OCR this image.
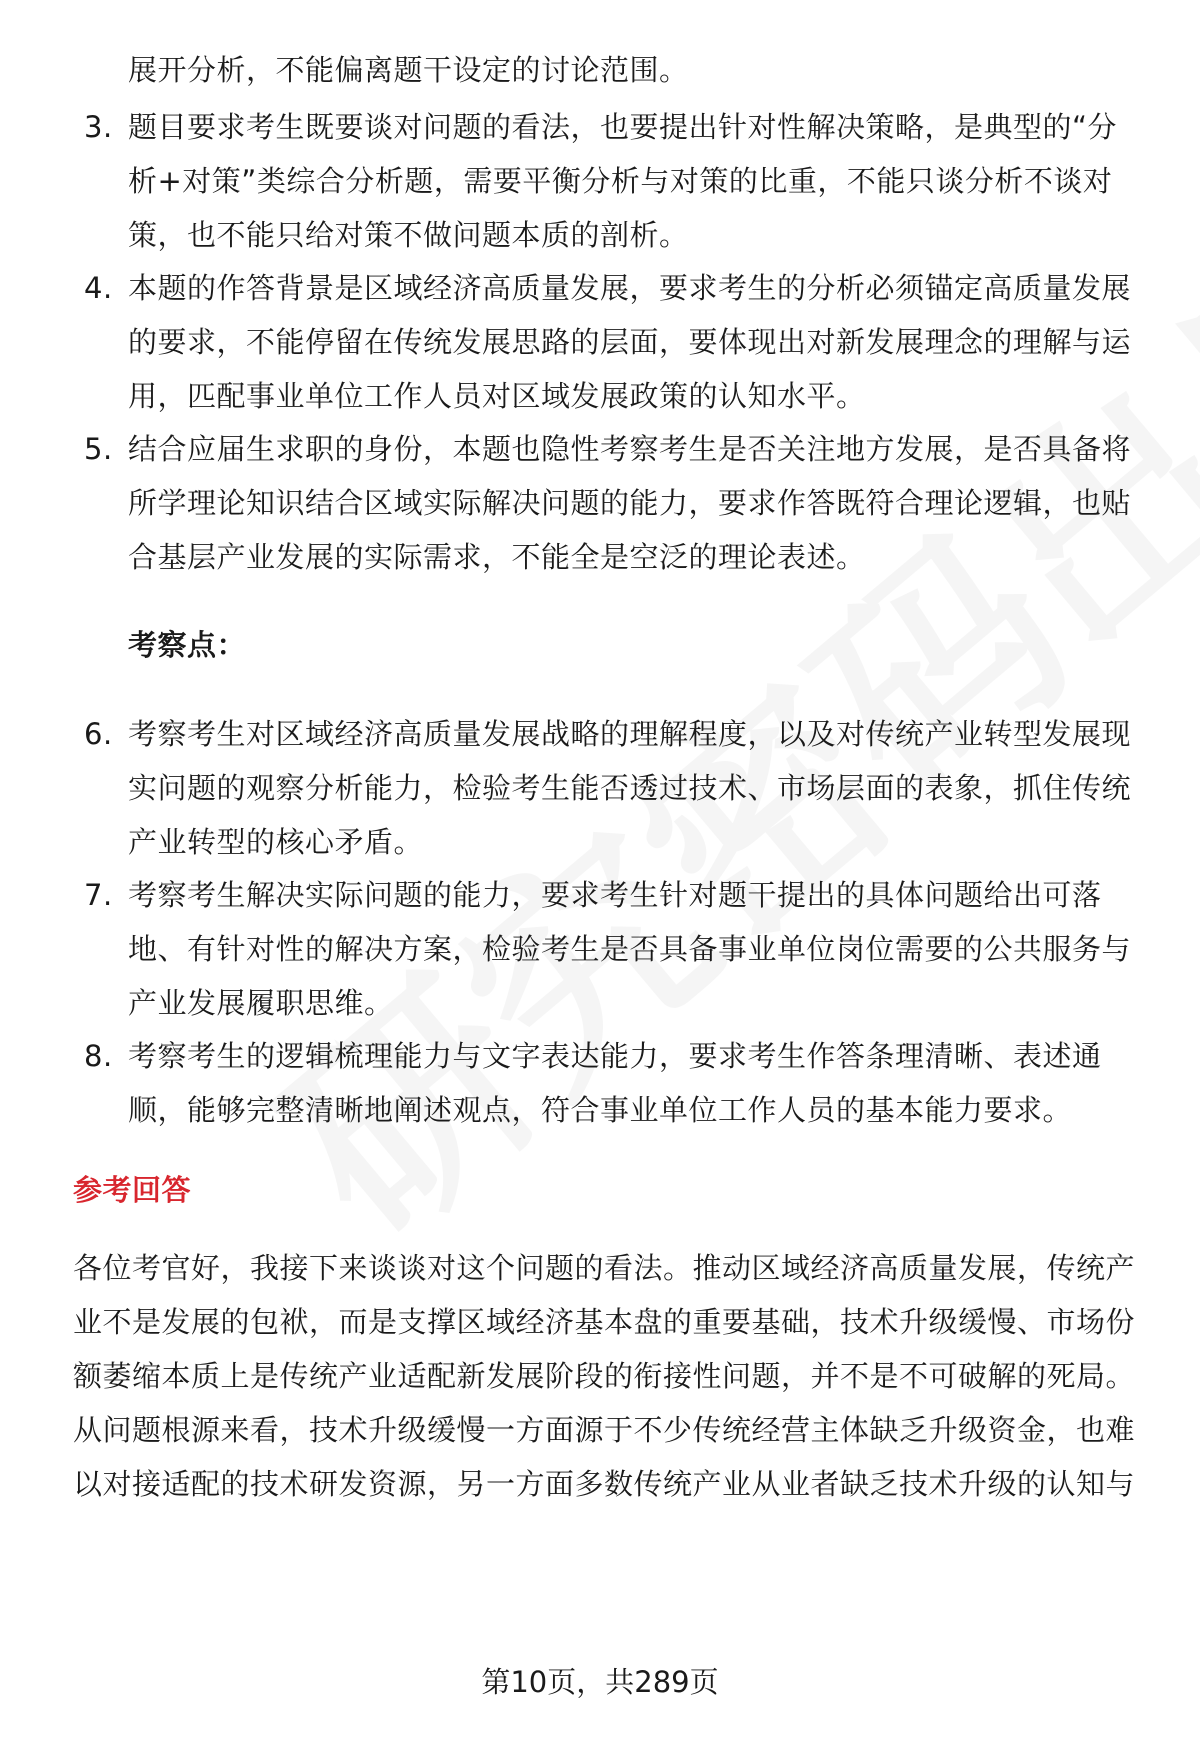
展开分析，不能偏离题干设定的讨论范围。
3. 题目要求考生既要谈对问题的看法，也要提出针对性解决策略，是典型的“分
析+对策”类综合分析题，需要平衡分析与对策的比重，不能只谈分析不谈对
策，也不能只给对策不做问题本质的剖析。
4. 本题的作答背景是区域经济高质量发展，要求考生的分析必须锚定高质量发展
的要求，不能停留在传统发展思路的层面，要体现出对新发展理念的理解与运
用，匹配事业单位工作人员对区域发展政策的认知水平。
5. 结合应届生求职的身份，本题也隐性考察考生是否关注地方发展，是否具备将
所学理论知识结合区域实际解决问题的能力，要求作答既符合理论逻辑，也贴
合基层产业发展的实际需求，不能全是空泛的理论表述。
考察点：
6. 考察考生对区域经济高质量发展战略的理解程度，以及对传统产业转型发展现
实问题的观察分析能力，检验考生能否透过技术、市场层面的表象，抓住传统
产业转型的核心矛盾。
7. 考察考生解决实际问题的能力，要求考生针对题干提出的具体问题给出可落
地、有针对性的解决方案，检验考生是否具备事业单位岗位需要的公共服务与
产业发展履职思维。
8. 考察考生的逻辑梳理能力与文字表达能力，要求考生作答条理清晰、表述通
顺，能够完整清晰地阐述观点，符合事业单位工作人员的基本能力要求。
参考回答
各位考官好，我接下来谈谈对这个问题的看法。推动区域经济高质量发展，传统产
业不是发展的包袱，而是支撑区域经济基本盘的重要基础，技术升级缓慢、市场份
额萎缩本质上是传统产业适配新发展阶段的衔接性问题，并不是不可破解的死局。
从问题根源来看，技术升级缓慢一方面源于不少传统经营主体缺乏升级资金，也难
以对接适配的技术研发资源，另一方面多数传统产业从业者缺乏技术升级的认知与
第10页，共289页
